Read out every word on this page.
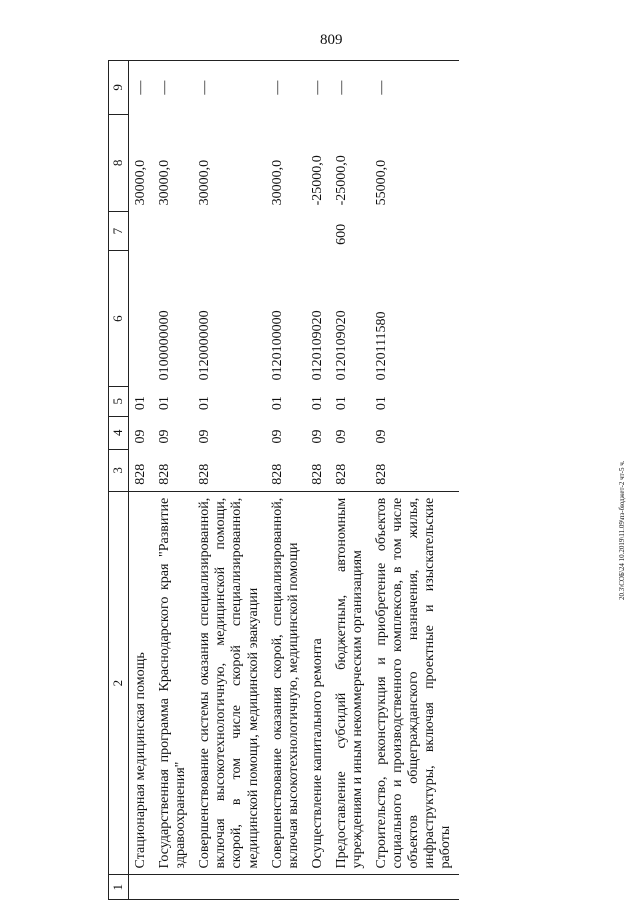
809
20.3\СОБ\24 10.2019\11.09\пз-бюджет-2 чт-5 ч.
1	2	3	4	5	6	7	8	9
	Стационарная медицинская помощь	828	09	01			30000,0	—
	Государственная программа Краснодарского края "Развитие здравоохранения"	828	09	01	0100000000		30000,0	—
	Совершенствование системы оказания специализированной, включая высокотехнологичную, медицинской помощи, скорой, в том числе скорой специализированной, медицинской помощи, медицинской эвакуации	828	09	01	0120000000		30000,0	—
	Совершенствование оказания скорой, специализированной, включая высокотехнологичную, медицинской помощи	828	09	01	0120100000		30000,0	—
	Осуществление капитального ремонта	828	09	01	0120109020		-25000,0	—
	Предоставление субсидий бюджетным, автономным учреждениям и иным некоммерческим организациям	828	09	01	0120109020	600	-25000,0	—
	Строительство, реконструкция и приобретение объектов социального и производственного комплексов, в том числе объектов общегражданского назначения, жилья, инфраструктуры, включая проектные и изыскательские работы	828	09	01	0120111580		55000,0	—
